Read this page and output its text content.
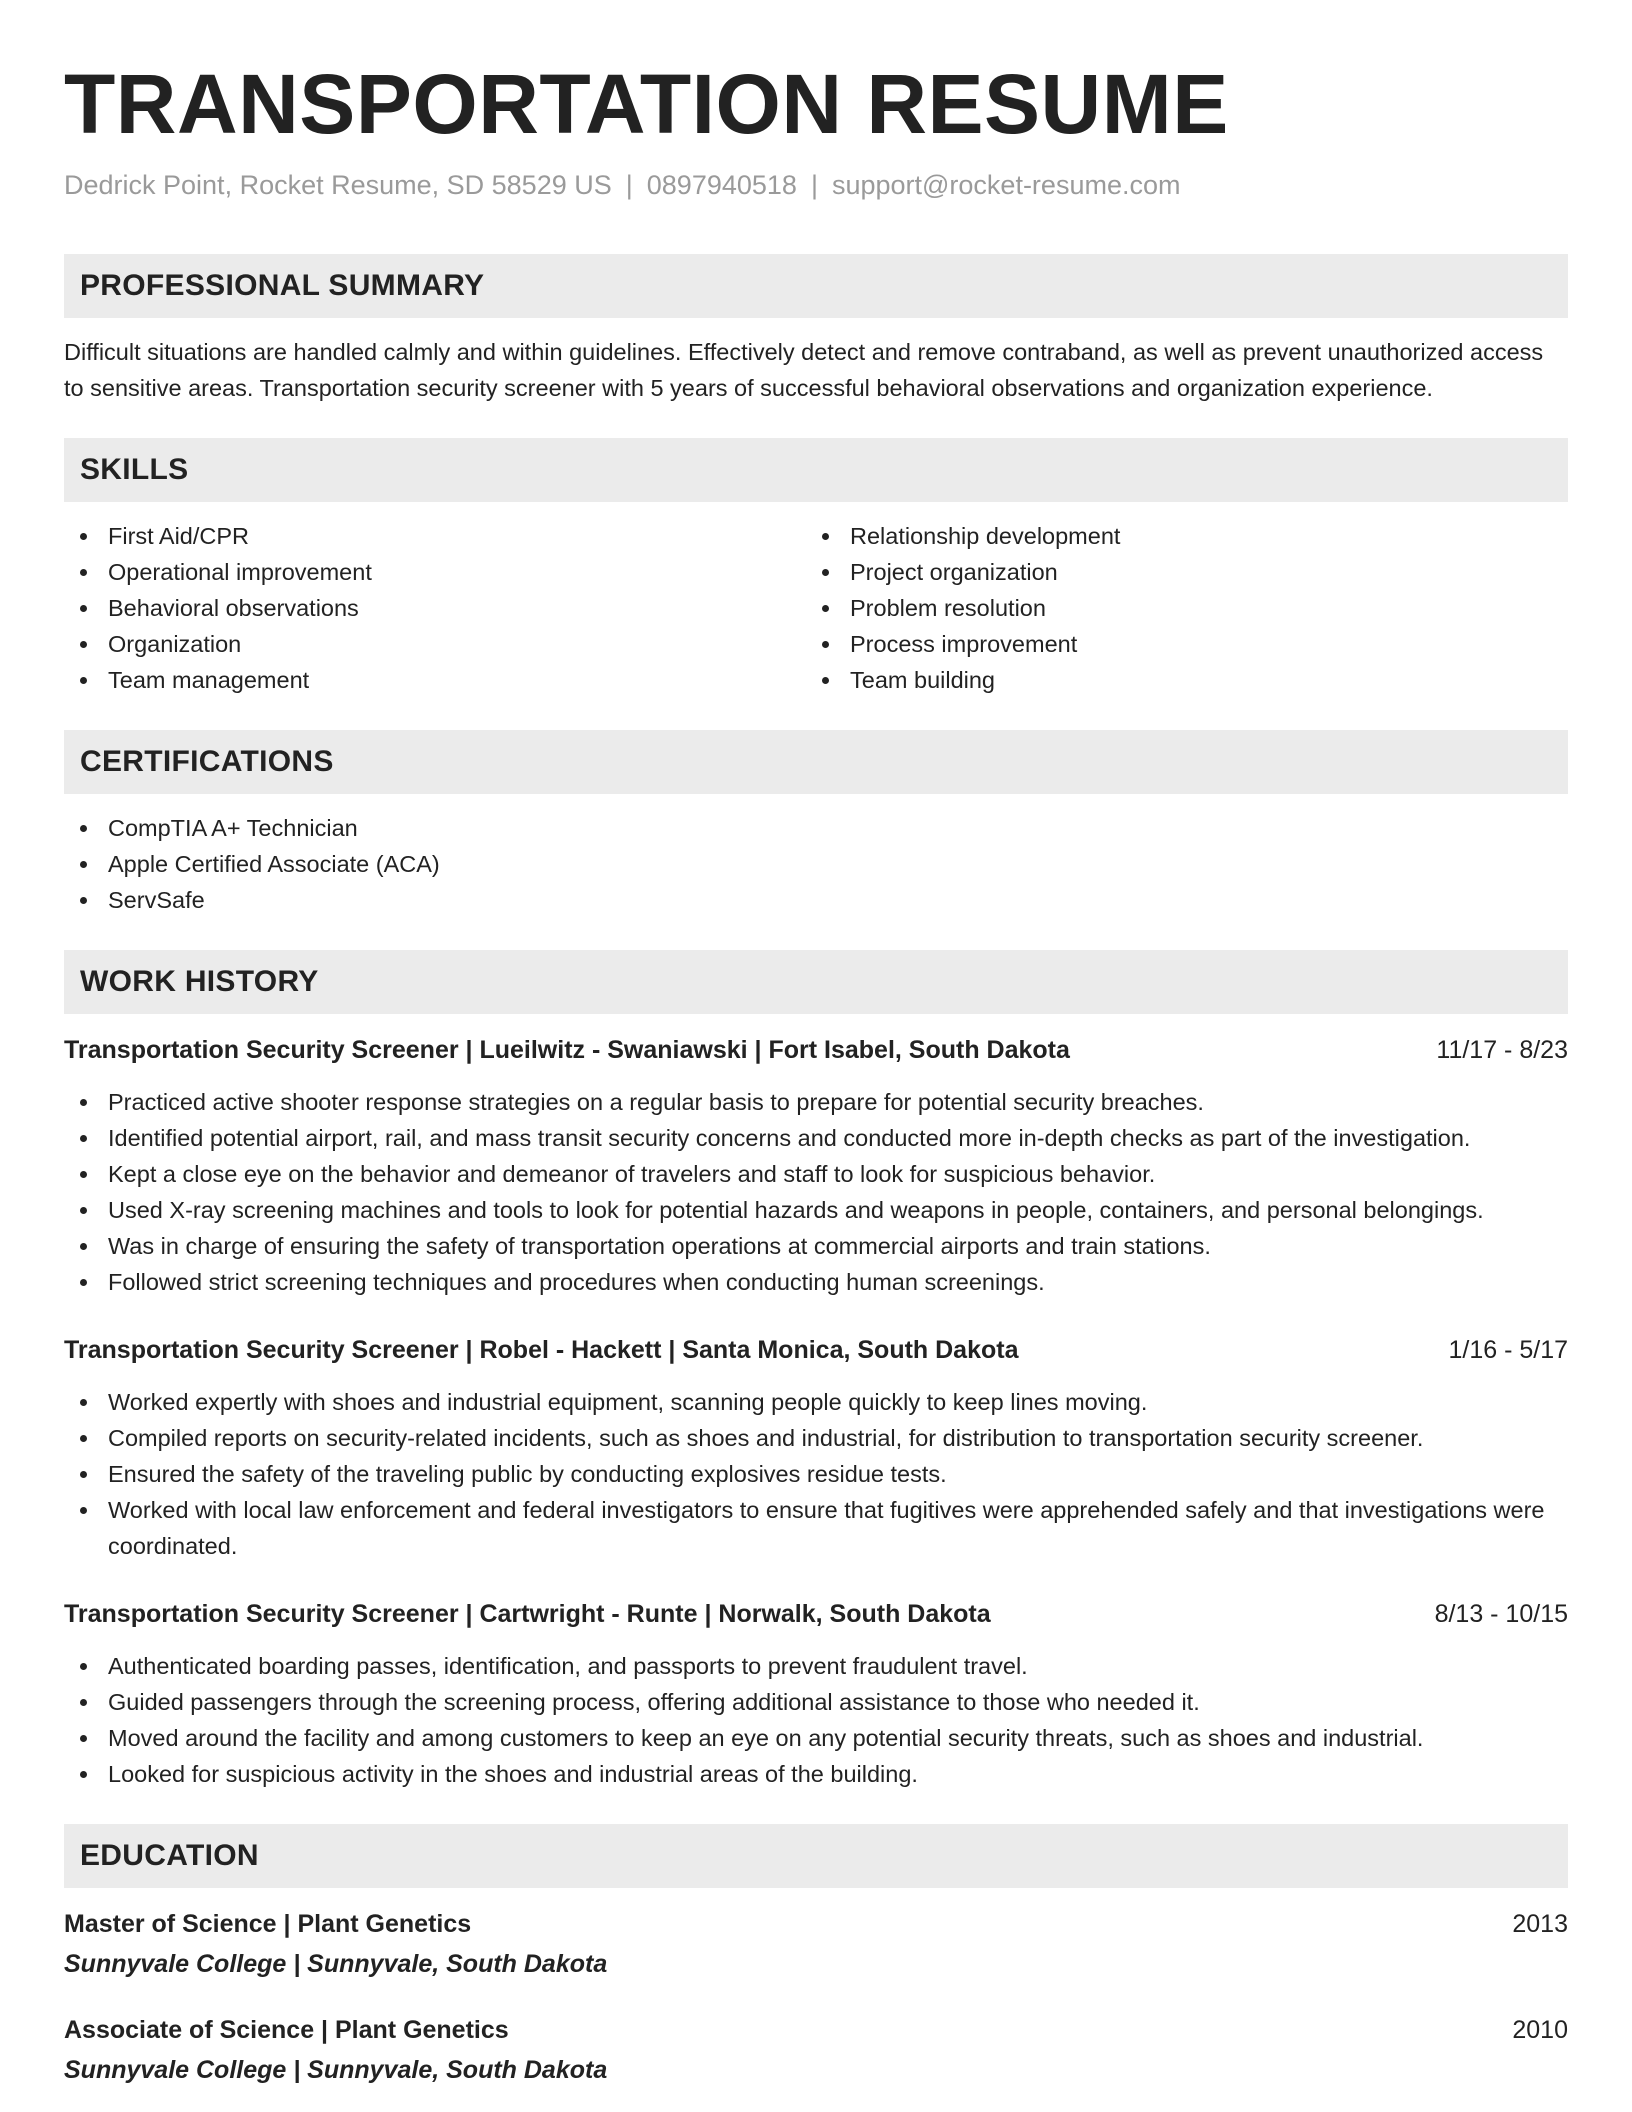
TRANSPORTATION RESUME
Dedrick Point, Rocket Resume, SD 58529 US | 0897940518 | support@rocket-resume.com
PROFESSIONAL SUMMARY

Difficult situations are handled calmly and within guidelines. Effectively detect and remove contraband, as well as prevent unauthorized access to sensitive areas. Transportation security screener with 5 years of successful behavioral observations and organization experience.

SKILLS
First Aid/CPR
Operational improvement
Behavioral observations
Organization
Team management
Relationship development
Project organization
Problem resolution
Process improvement
Team building
CERTIFICATIONS
CompTIA A+ Technician
Apple Certified Associate (ACA)
ServSafe
WORK HISTORY
Transportation Security Screener | Lueilwitz - Swaniawski | Fort Isabel, South Dakota	11/17 - 8/23
Practiced active shooter response strategies on a regular basis to prepare for potential security breaches.
Identified potential airport, rail, and mass transit security concerns and conducted more in-depth checks as part of the investigation.
Kept a close eye on the behavior and demeanor of travelers and staff to look for suspicious behavior.
Used X-ray screening machines and tools to look for potential hazards and weapons in people, containers, and personal belongings.
Was in charge of ensuring the safety of transportation operations at commercial airports and train stations.
Followed strict screening techniques and procedures when conducting human screenings.
Transportation Security Screener | Robel - Hackett | Santa Monica, South Dakota	1/16 - 5/17
Worked expertly with shoes and industrial equipment, scanning people quickly to keep lines moving.
Compiled reports on security-related incidents, such as shoes and industrial, for distribution to transportation security screener.
Ensured the safety of the traveling public by conducting explosives residue tests.
Worked with local law enforcement and federal investigators to ensure that fugitives were apprehended safely and that investigations were coordinated.
Transportation Security Screener | Cartwright - Runte | Norwalk, South Dakota	8/13 - 10/15
Authenticated boarding passes, identification, and passports to prevent fraudulent travel.
Guided passengers through the screening process, offering additional assistance to those who needed it.
Moved around the facility and among customers to keep an eye on any potential security threats, such as shoes and industrial.
Looked for suspicious activity in the shoes and industrial areas of the building.
EDUCATION
Master of Science | Plant Genetics	2013
Sunnyvale College | Sunnyvale, South Dakota
Associate of Science | Plant Genetics	2010
Sunnyvale College | Sunnyvale, South Dakota
